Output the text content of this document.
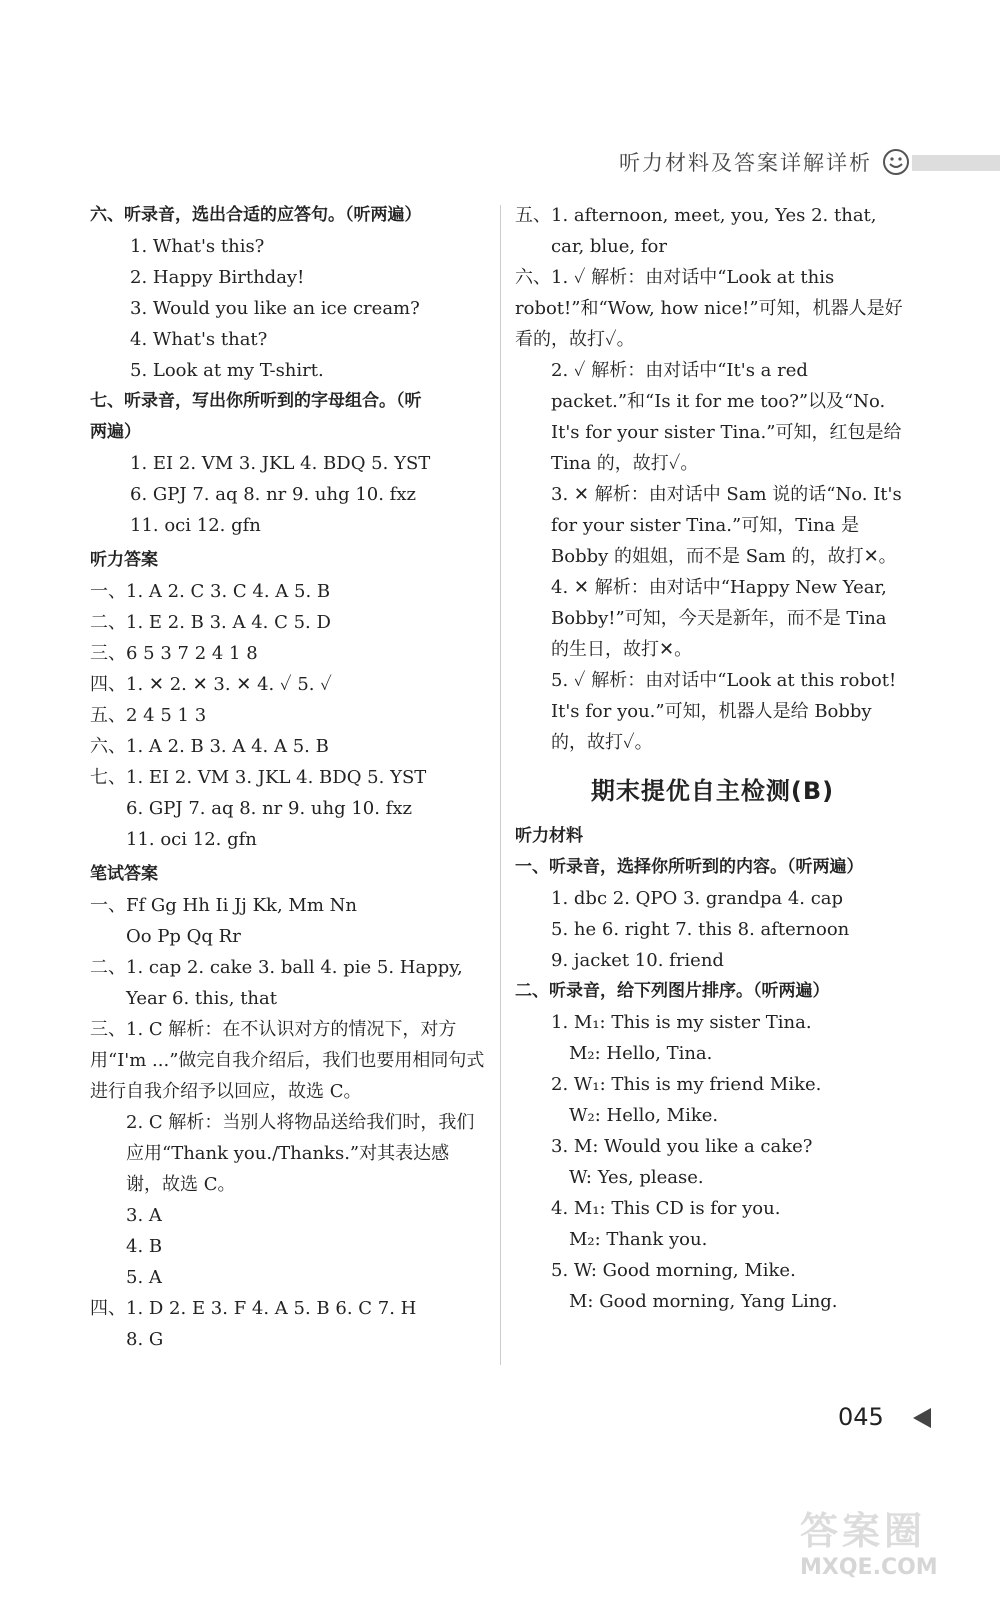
听力材料及答案详解详析
六、听录音，选出合适的应答句。（听两遍）
1. What's this?
2. Happy Birthday!
3. Would you like an ice cream?
4. What's that?
5. Look at my T-shirt.
七、听录音，写出你所听到的字母组合。（听
两遍）
1. EI 2. VM 3. JKL 4. BDQ 5. YST
6. GPJ 7. aq 8. nr 9. uhg 10. fxz
11. oci 12. gfn
听力答案
一、1. A 2. C 3. C 4. A 5. B
二、1. E 2. B 3. A 4. C 5. D
三、6 5 3 7 2 4 1 8
四、1. ✕ 2. ✕ 3. ✕ 4. ✓ 5. ✓
五、2 4 5 1 3
六、1. A 2. B 3. A 4. A 5. B
七、1. EI 2. VM 3. JKL 4. BDQ 5. YST
6. GPJ 7. aq 8. nr 9. uhg 10. fxz
11. oci 12. gfn
笔试答案
一、Ff Gg Hh Ii Jj Kk, Mm Nn
Oo Pp Qq Rr
二、1. cap 2. cake 3. ball 4. pie 5. Happy,
Year 6. this, that
三、1. C 解析：在不认识对方的情况下，对方用“I'm ...”做完自我介绍后，我们也要用相同句式进行自我介绍予以回应，故选 C。
2. C 解析：当别人将物品送给我们时，我们应用“Thank you./Thanks.”对其表达感谢，故选 C。
3. A
4. B
5. A
四、1. D 2. E 3. F 4. A 5. B 6. C 7. H
8. G
五、1. afternoon, meet, you, Yes 2. that,
car, blue, for
六、1. ✓ 解析：由对话中“Look at this robot!”和“Wow, how nice!”可知，机器人是好看的，故打✓。
2. ✓ 解析：由对话中“It's a red packet.”和“Is it for me too?”以及“No. It's for your sister Tina.”可知，红包是给 Tina 的，故打✓。
3. ✕ 解析：由对话中 Sam 说的话“No. It's for your sister Tina.”可知，Tina 是 Bobby 的姐姐，而不是 Sam 的，故打✕。
4. ✕ 解析：由对话中“Happy New Year, Bobby!”可知，今天是新年，而不是 Tina 的生日，故打✕。
5. ✓ 解析：由对话中“Look at this robot! It's for you.”可知，机器人是给 Bobby 的，故打✓。
期末提优自主检测(B)
听力材料
一、听录音，选择你所听到的内容。（听两遍）
1. dbc 2. QPO 3. grandpa 4. cap
5. he 6. right 7. this 8. afternoon
9. jacket 10. friend
二、听录音，给下列图片排序。（听两遍）
1. M₁: This is my sister Tina.
M₂: Hello, Tina.
2. W₁: This is my friend Mike.
W₂: Hello, Mike.
3. M: Would you like a cake?
W: Yes, please.
4. M₁: This CD is for you.
M₂: Thank you.
5. W: Good morning, Mike.
M: Good morning, Yang Ling.
045
答案圈
MXQE.COM
